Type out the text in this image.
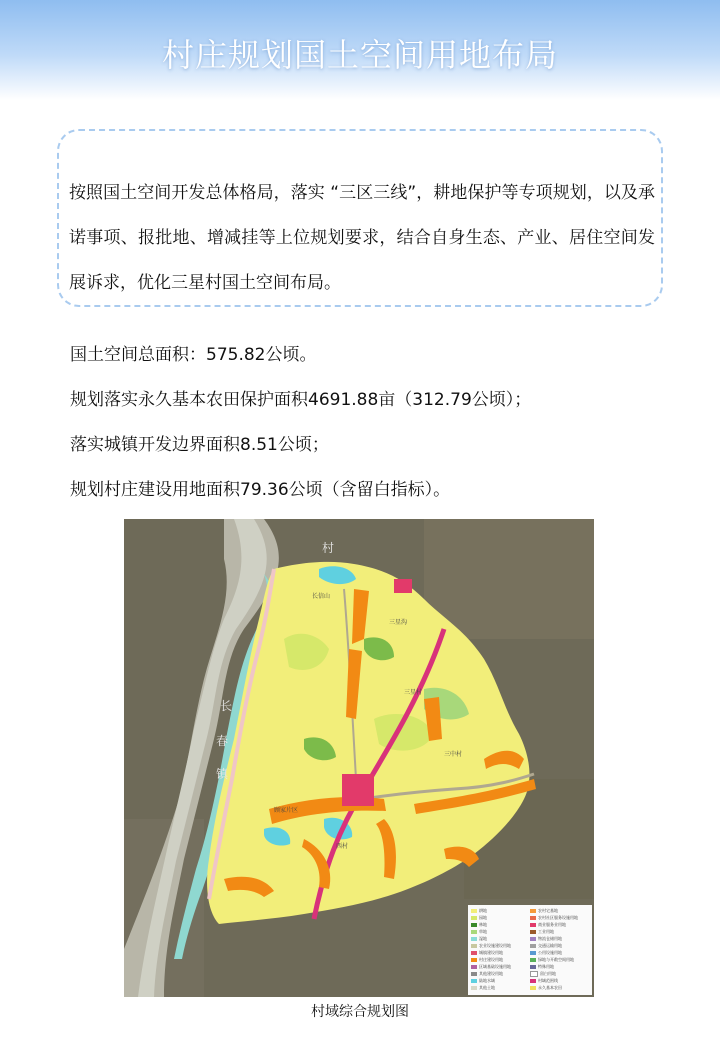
村庄规划国土空间用地布局
按照国土空间开发总体格局，落实 “三区三线”，耕地保护等专项规划，以及承诺事项、报批地、增减挂等上位规划要求，结合自身生态、产业、居住空间发展诉求，优化三星村国土空间布局。
国土空间总面积：575.82公顷。
规划落实永久基本农田保护面积4691.88亩（312.79公顷）；
落实城镇开发边界面积8.51公顷；
规划村庄建设用地面积79.36公顷（含留白指标）。
长
春
镇
村
长信山
三星沟
三星村
顾家片区
西村
三中村
耕地
园地
林地
草地
湿地
农业设施建设用地
城镇建设用地
村庄建设用地
区域基础设施用地
其他建设用地
陆地水域
其他土地
农村宅基地
农村社区服务设施用地
商业服务业用地
工业用地
物流仓储用地
交通运输用地
公用设施用地
绿地与开敞空间用地
特殊用地
留白用地
村域范围线
永久基本农田
村域综合规划图
